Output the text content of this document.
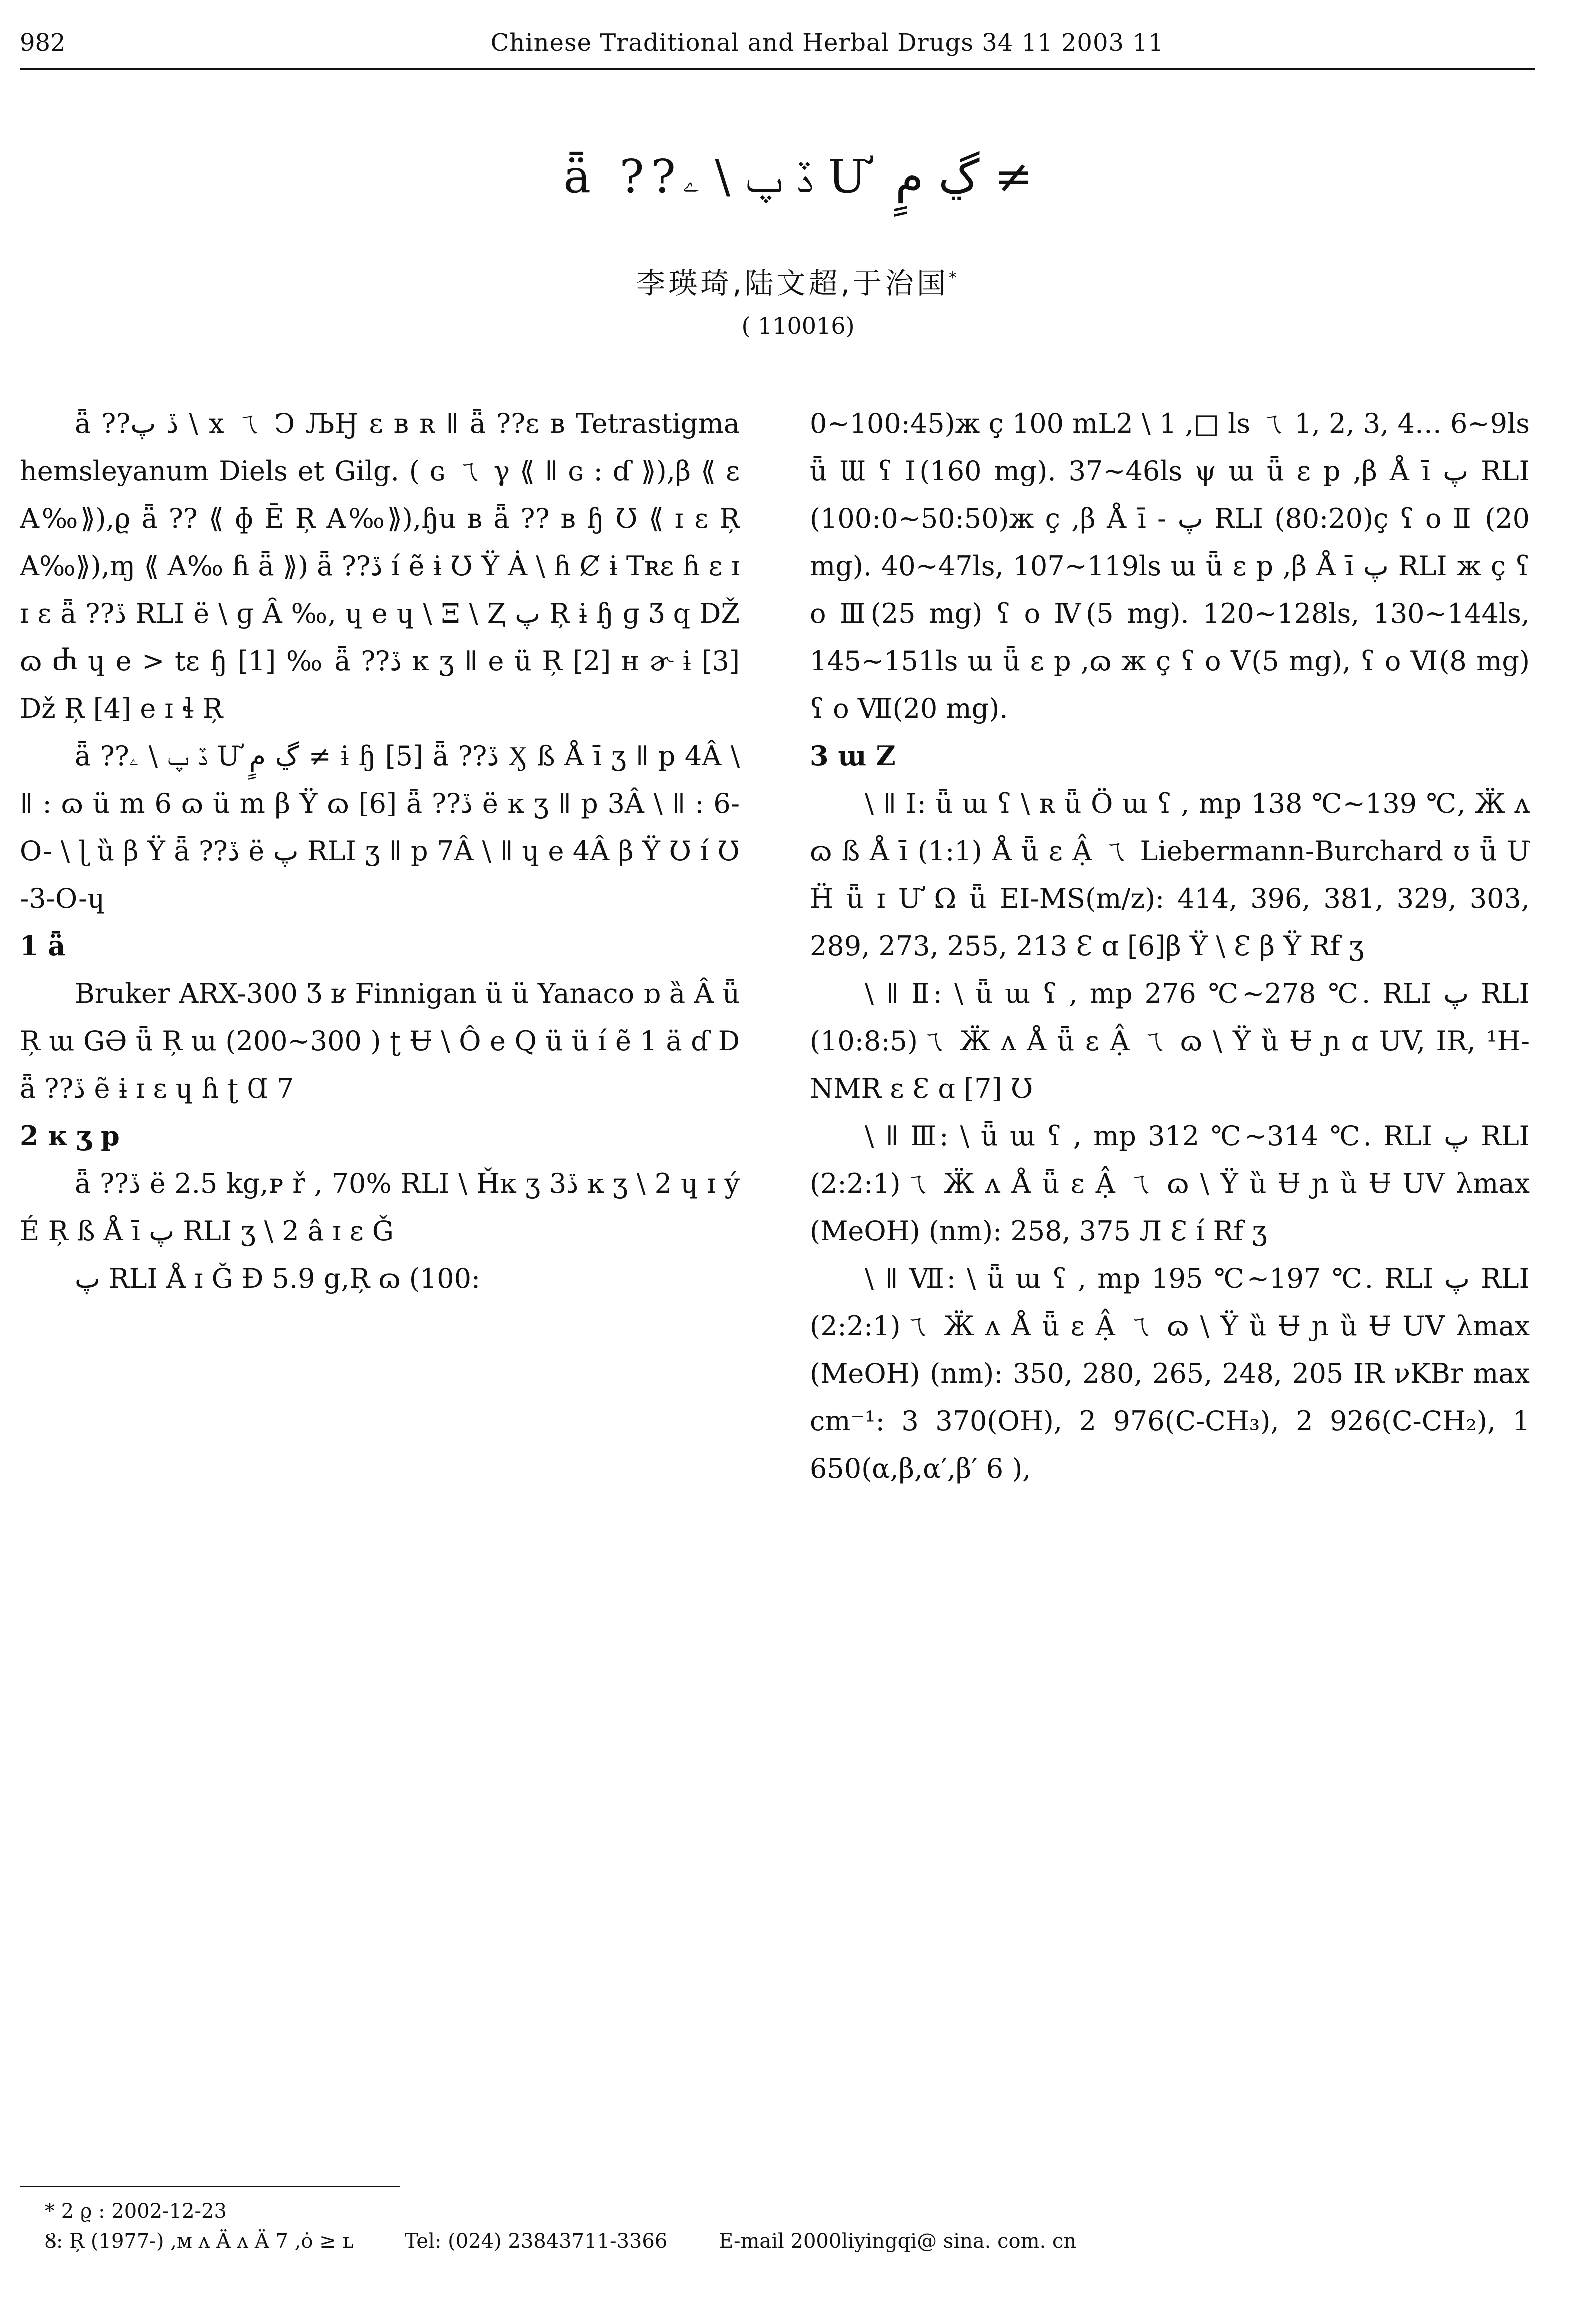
982	Chinese Traditional and Herbal Drugs 34 11 2003 11
ǟ ??ڏ پ \ ۦ Ư ڲ مٍ ≠
李瑛琦,陆文超,于治国*
( 110016)

ǟ ??ڏ پ \ x ㄟ Ͻ ЉӇ ε ʙ ʀ ǁ ǟ ??ε ʙ Tetrastigma hemsleyanum Diels et Gilg. ( ɢ ㄟ γ ⟪ ǁ ɢ : ɗ ⟫),β ⟪ ɛ A‰⟫),ϱ ǟ ?? ⟪ ɸ Ē Ŗ A‰⟫),ɧu ʙ ǟ ?? ʙ ɧ Ʊ ⟪ ɪ ɛ Ŗ A‰⟫),ɱ ⟪ A‰ ɦ ǟ ⟫) ǟ ??ڏ í ẽ ɨ Ʊ Ÿ Ȧ \ ɦ Ȼ ɨ Tʀɛ ɦ ɛ ɪ ɪ ɛ ǟ ??ڏ RLI ë \ ɡ Ȃ ‰, ɥ e ɥ \ Ξ \ Ⱬ پ Ŗ ɨ ɧ ɡ Ʒ q Ǆ ɷ Ⴛ ɥ e > tɛ ɧ [1] ‰ ǟ ??ڏ ĸ ʒ ǁ e ü Ŗ [2] ʜ ɚ ɨ [3] Dž Ŗ [4] e ɪ ɬ Ŗ

ǟ ??ڏ پ \ ۦ Ư ڲ مٍ ≠ ɨ ɧ [5] ǟ ??ڏ Ӽ ß Å ī ʒ ǁ p 4Â \ ǁ : ɷ ü m 6 ɷ ü m β Ÿ ɷ [6] ǟ ??ڏ ë ĸ ʒ ǁ p 3Â \ ǁ : 6-O- \ ɭ ȕ β Ÿ ǟ ??ڏ ë پ RLI ʒ ǁ p 7Â \ ǁ ɥ e 4Â β Ÿ Ʊ í Ʊ -3-O-ɥ

1 ǟ

Bruker ARX-300 Ʒ ʁ Finnigan ü ü Yanaco ɒ ȁ Â ǖ Ŗ ɯ GƏ ǖ Ŗ ɯ (200~300 ) ʈ Ʉ \ Ô e Q ü ü í ẽ 1 ä ɗ D ǟ ??ڏ ẽ ɨ ɪ ɛ ɥ ɦ ʈ Ɑ 7

2 ĸ ʒ p

ǟ ??ڏ ë 2.5 kg,ᴘ ř , 70% RLI \ Ȟĸ ʒ 3ڏ ĸ ʒ \ 2 ɥ ɪ ý É Ŗ ß Å ī پ RLI ʒ \ 2 â ɪ ɛ Ǧ

پ RLI Å ɪ Ǧ Đ 5.9 g,Ŗ ɷ (100:

0~100:45)ж ç 100 mL2 \ 1 ,□ ls ㄟ 1, 2, 3, 4… 6~9ls ǖ Ɯ ʕ Ⅰ(160 mg). 37~46ls ψ ɯ ǖ ɛ p ,β Å ī پ RLI (100:0~50:50)ж ç ,β Å ī - پ RLI (80:20)ç ʕ o Ⅱ (20 mg). 40~47ls, 107~119ls ɯ ǖ ɛ p ,β Å ī پ RLI ж ç ʕ o Ⅲ(25 mg) ʕ o Ⅳ(5 mg). 120~128ls, 130~144ls, 145~151ls ɯ ǖ ɛ p ,ɷ ж ç ʕ o Ⅴ(5 mg), ʕ o Ⅵ(8 mg) ʕ o Ⅶ(20 mg).

3 ɯ Z

\ ǁ Ⅰ: ǖ ɯ ʕ \ ʀ ǖ Ö ɯ ʕ , mp 138 ℃~139 ℃, Ӝ ʌ ɷ ß Å ī (1:1) Å ǖ ɛ Ậ ㄟ Liebermann-Burchard ʊ ǖ Ư Ḧ ǖ ɪ Ư Ω ǖ EI-MS(m/z): 414, 396, 381, 329, 303, 289, 273, 255, 213 Ɛ ɑ [6]β Ÿ \ Ɛ β Ÿ Rf ʒ

\ ǁ Ⅱ: \ ǖ ɯ ʕ , mp 276 ℃~278 ℃. RLI پ RLI (10:8:5)ㄟ Ӝ ʌ Å ǖ ɛ Ậ ㄟ ɷ \ Ÿ ȕ Ʉ ɲ ɑ UV, IR, ¹H-NMR ɛ Ɛ ɑ [7] Ʊ

\ ǁ Ⅲ: \ ǖ ɯ ʕ , mp 312 ℃~314 ℃. RLI پ RLI (2:2:1)ㄟ Ӝ ʌ Å ǖ ɛ Ậ ㄟ ɷ \ Ÿ ȕ Ʉ ɲ ȕ Ʉ UV λmax (MeOH) (nm): 258, 375 Л Ɛ í Rf ʒ

\ ǁ Ⅶ: \ ǖ ɯ ʕ , mp 195 ℃~197 ℃. RLI پ RLI (2:2:1)ㄟ Ӝ ʌ Å ǖ ɛ Ậ ㄟ ɷ \ Ÿ ȕ Ʉ ɲ ȕ Ʉ UV λmax (MeOH) (nm): 350, 280, 265, 248, 205 IR νKBr max cm⁻¹: 3 370(OH), 2 976(C-CH₃), 2 926(C-CH₂), 1 650(α,β,α′,β′ 6 ),

* 2 ϱ : 2002-12-23
Ȣ: Ŗ (1977-) ,ᴍ ʌ Ä ʌ Ä 7 ,ȯ ≥ ʟ	Tel: (024) 23843711-3366	E-mail 2000liyingqi@ sina. com. cn
